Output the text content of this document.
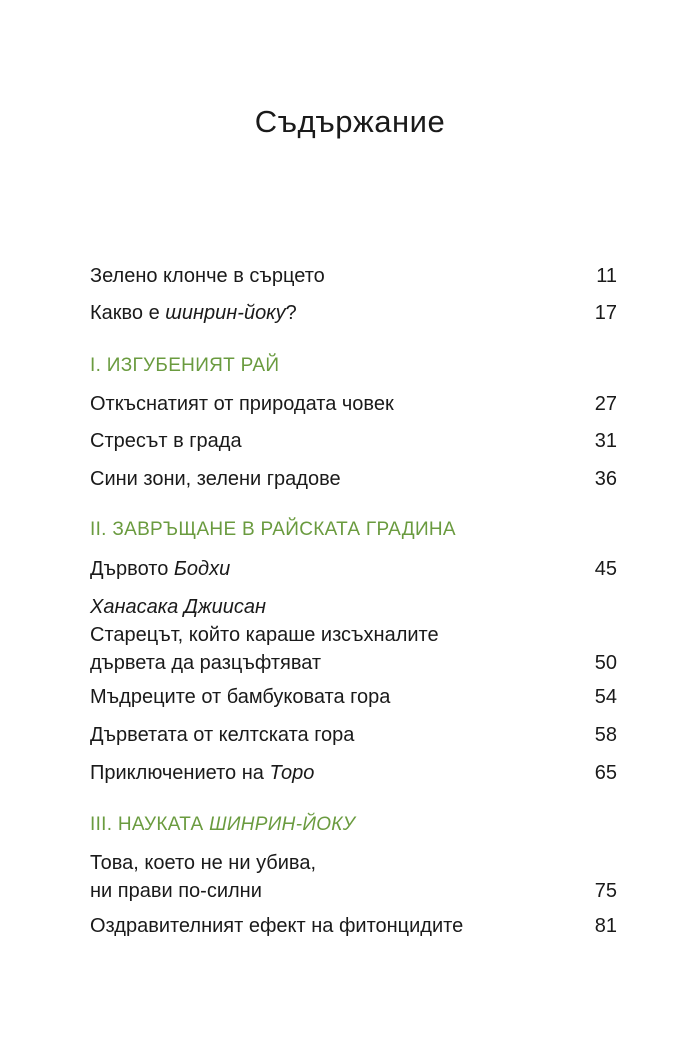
Съдържание
Зелено клонче в сърцето	11
Какво е шинрин-йоку?	17
I. ИЗГУБЕНИЯТ РАЙ
Откъснатият от природата човек	27
Стресът в града	31
Сини зони, зелени градове	36
II. ЗАВРЪЩАНЕ В РАЙСКАТА ГРАДИНА
Дървото Бодхи	45
Ханасака Джиисан
Старецът, който караше изсъхналите
дървета да разцъфтяват	50
Мъдреците от бамбуковата гора	54
Дърветата от келтската гора	58
Приключението на Торо	65
III. НАУКАТА ШИНРИН-ЙОКУ
Това, което не ни убива,
ни прави по-силни	75
Оздравителният ефект на фитонцидите	81
